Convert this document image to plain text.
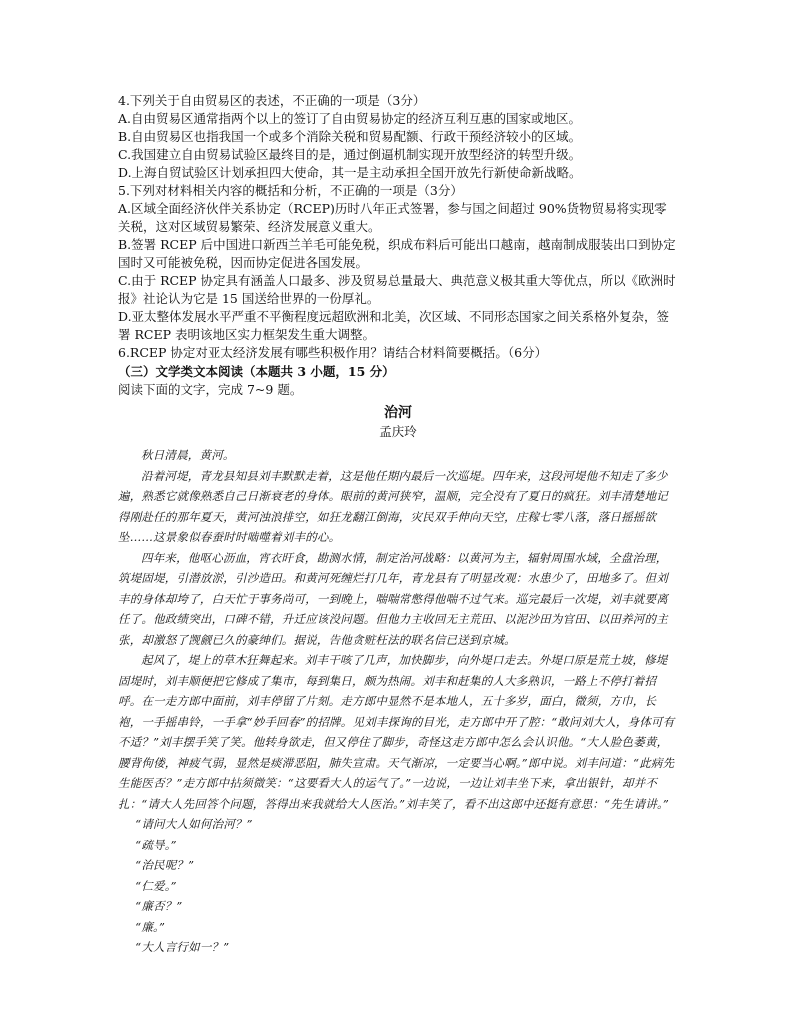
4.下列关于自由贸易区的表述，不正确的一项是（3分）

A.自由贸易区通常指两个以上的签订了自由贸易协定的经济互利互惠的国家或地区。

B.自由贸易区也指我国一个或多个消除关税和贸易配额、行政干预经济较小的区域。

C.我国建立自由贸易试验区最终目的是，通过倒逼机制实现开放型经济的转型升级。

D.上海自贸试验区计划承担四大使命，其一是主动承担全国开放先行新使命新战略。

5.下列对材料相关内容的概括和分析，不正确的一项是（3分）

A.区域全面经济伙伴关系协定（RCEP)历时八年正式签署，参与国之间超过 90%货物贸易将实现零关税，这对区域贸易繁荣、经济发展意义重大。

B.签署 RCEP 后中国进口新西兰羊毛可能免税，织成布料后可能出口越南，越南制成服装出口到协定国时又可能被免税，因而协定促进各国发展。

C.由于 RCEP 协定具有涵盖人口最多、涉及贸易总量最大、典范意义极其重大等优点，所以《欧洲时报》社论认为它是 15 国送给世界的一份厚礼。

D.亚太整体发展水平严重不平衡程度远超欧洲和北美，次区域、不同形态国家之间关系格外复杂，签署 RCEP 表明该地区实力框架发生重大调整。

6.RCEP 协定对亚太经济发展有哪些积极作用？请结合材料简要概括。（6分）

（三）文学类文本阅读（本题共 3 小题，15 分）

阅读下面的文字，完成 7~9 题。

治河
孟庆玲

秋日清晨，黄河。

沿着河堤，青龙县知县刘丰默默走着，这是他任期内最后一次巡堤。四年来，这段河堤他不知走了多少遍，熟悉它就像熟悉自己日渐衰老的身体。眼前的黄河狭窄，温顺，完全没有了夏日的疯狂。刘丰清楚地记得刚赴任的那年夏天，黄河浊浪排空，如狂龙翻江倒海，灾民双手伸向天空，庄稼七零八落，落日摇摇欲坠……这景象似春蚕时时啮噬着刘丰的心。

四年来，他呕心沥血，宵衣旰食，勘测水情，制定治河战略：以黄河为主，辐射周围水域，全盘治理，筑堤固堤，引潜放淤，引沙造田。和黄河死缠烂打几年，青龙县有了明显改观：水患少了，田地多了。但刘丰的身体却垮了，白天忙于事务尚可，一到晚上，喘喘常憋得他喘不过气来。巡完最后一次堤，刘丰就要离任了。他政绩突出，口碑不错，升迁应该没问题。但他力主收回无主荒田、以泥沙田为官田、以田养河的主张，却激怒了觊觎已久的豪绅们。据说，告他贪赃枉法的联名信已送到京城。

起风了，堤上的草木狂舞起来。刘丰干咳了几声，加快脚步，向外堤口走去。外堤口原是荒土坡，修堤固堤时，刘丰顺便把它修成了集市，每到集日，颇为热闹。刘丰和赶集的人大多熟识，一路上不停打着招呼。在一走方郎中面前，刘丰停留了片刻。走方郎中显然不是本地人，五十多岁，面白，微须，方巾，长袍，一手摇串铃，一手拿“妙手回春”的招牌。见刘丰探询的目光，走方郎中开了腔：“敢问刘大人，身体可有不适？”刘丰摆手笑了笑。他转身欲走，但又停住了脚步，奇怪这走方郎中怎么会认识他。“大人脸色萎黄，腰背佝偻，神疲气弱，显然是痰滞恶阻，肺失宣肃。天气渐凉，一定要当心啊。”郎中说。刘丰问道：“此病先生能医否？”走方郎中拈须微笑：“这要看大人的运气了。”一边说，一边让刘丰坐下来，拿出银针，却并不扎：“请大人先回答个问题，答得出来我就给大人医治。”刘丰笑了，看不出这郎中还挺有意思：“先生请讲。”

“请问大人如何治河？”

“疏导。”

“治民呢？”

“仁爱。”

“廉否？”

“廉。”

“大人言行如一？”
